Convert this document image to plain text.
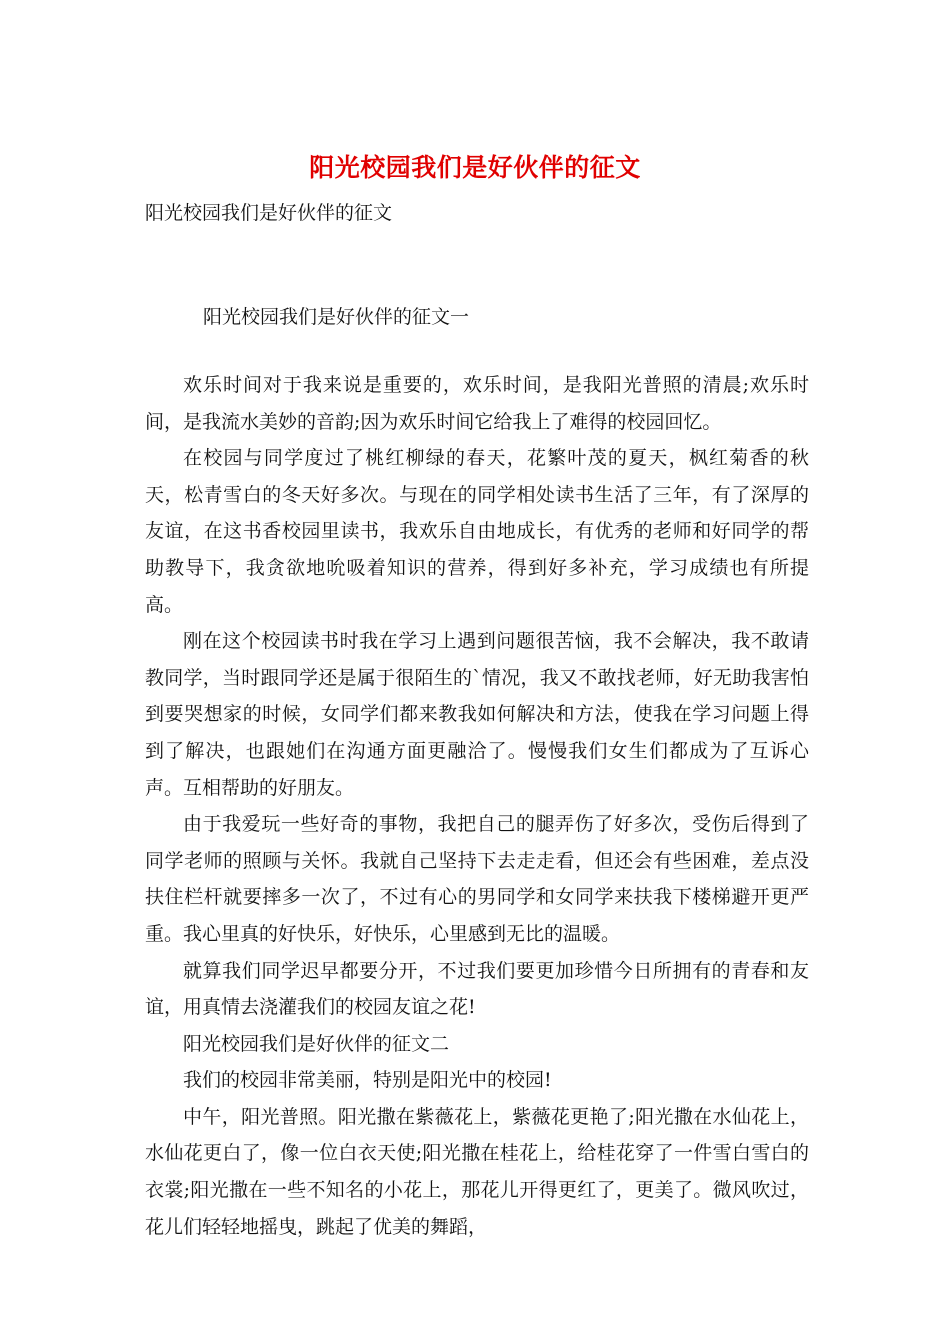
阳光校园我们是好伙伴的征文
阳光校园我们是好伙伴的征文
阳光校园我们是好伙伴的征文一

欢乐时间对于我来说是重要的，欢乐时间，是我阳光普照的清晨;欢乐时间，是我流水美妙的音韵;因为欢乐时间它给我上了难得的校园回忆。

在校园与同学度过了桃红柳绿的春天，花繁叶茂的夏天，枫红菊香的秋天，松青雪白的冬天好多次。与现在的同学相处读书生活了三年，有了深厚的友谊，在这书香校园里读书，我欢乐自由地成长，有优秀的老师和好同学的帮助教导下，我贪欲地吮吸着知识的营养，得到好多补充，学习成绩也有所提高。

刚在这个校园读书时我在学习上遇到问题很苦恼，我不会解决，我不敢请教同学，当时跟同学还是属于很陌生的`情况，我又不敢找老师，好无助我害怕到要哭想家的时候，女同学们都来教我如何解决和方法，使我在学习问题上得到了解决，也跟她们在沟通方面更融洽了。慢慢我们女生们都成为了互诉心声。互相帮助的好朋友。

由于我爱玩一些好奇的事物，我把自己的腿弄伤了好多次，受伤后得到了同学老师的照顾与关怀。我就自己坚持下去走走看，但还会有些困难，差点没扶住栏杆就要摔多一次了，不过有心的男同学和女同学来扶我下楼梯避开更严重。我心里真的好快乐，好快乐，心里感到无比的温暖。

就算我们同学迟早都要分开，不过我们要更加珍惜今日所拥有的青春和友谊，用真情去浇灌我们的校园友谊之花!

阳光校园我们是好伙伴的征文二

我们的校园非常美丽，特别是阳光中的校园!

中午，阳光普照。阳光撒在紫薇花上，紫薇花更艳了;阳光撒在水仙花上，水仙花更白了，像一位白衣天使;阳光撒在桂花上，给桂花穿了一件雪白雪白的衣裳;阳光撒在一些不知名的小花上，那花儿开得更红了，更美了。微风吹过，花儿们轻轻地摇曳，跳起了优美的舞蹈，
